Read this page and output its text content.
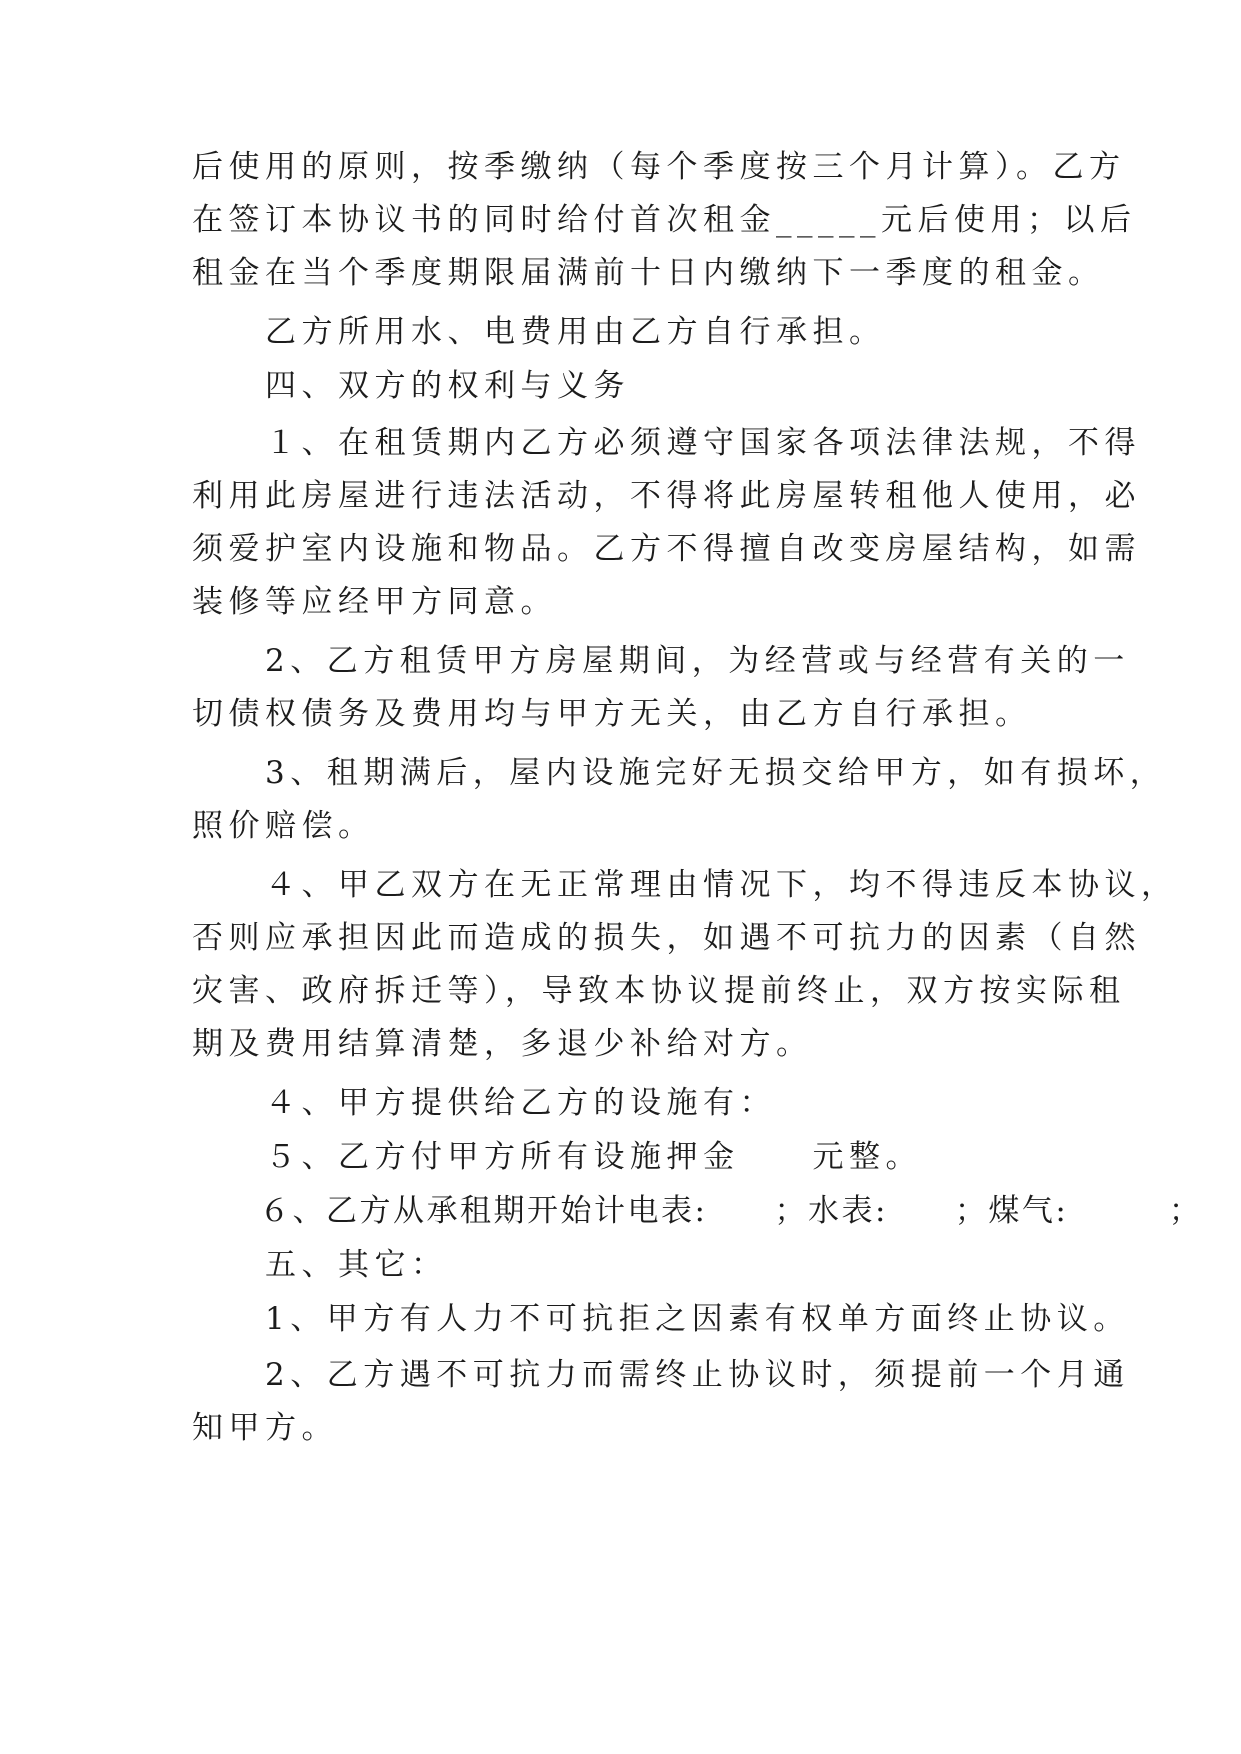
后使用的原则，按季缴纳（每个季度按三个月计算）。乙方
在签订本协议书的同时给付首次租金_____元后使用；以后
租金在当个季度期限届满前十日内缴纳下一季度的租金。
　　乙方所用水、电费用由乙方自行承担。
　　四、双方的权利与义务
　　１、在租赁期内乙方必须遵守国家各项法律法规，不得
利用此房屋进行违法活动，不得将此房屋转租他人使用，必
须爱护室内设施和物品。乙方不得擅自改变房屋结构，如需
装修等应经甲方同意。
　　2、乙方租赁甲方房屋期间，为经营或与经营有关的一
切债权债务及费用均与甲方无关，由乙方自行承担。
　　3、租期满后，屋内设施完好无损交给甲方，如有损坏，
照价赔偿。
　　４、甲乙双方在无正常理由情况下，均不得违反本协议，
否则应承担因此而造成的损失，如遇不可抗力的因素（自然
灾害、政府拆迁等），导致本协议提前终止，双方按实际租
期及费用结算清楚，多退少补给对方。
　　４、甲方提供给乙方的设施有：
　　５、乙方付甲方所有设施押金　　元整。
　　６、乙方从承租期开始计电表:　　；水表:　　；煤气:　　　；
　　五、其它：
　　1、甲方有人力不可抗拒之因素有权单方面终止协议。
　　2、乙方遇不可抗力而需终止协议时，须提前一个月通
知甲方。
